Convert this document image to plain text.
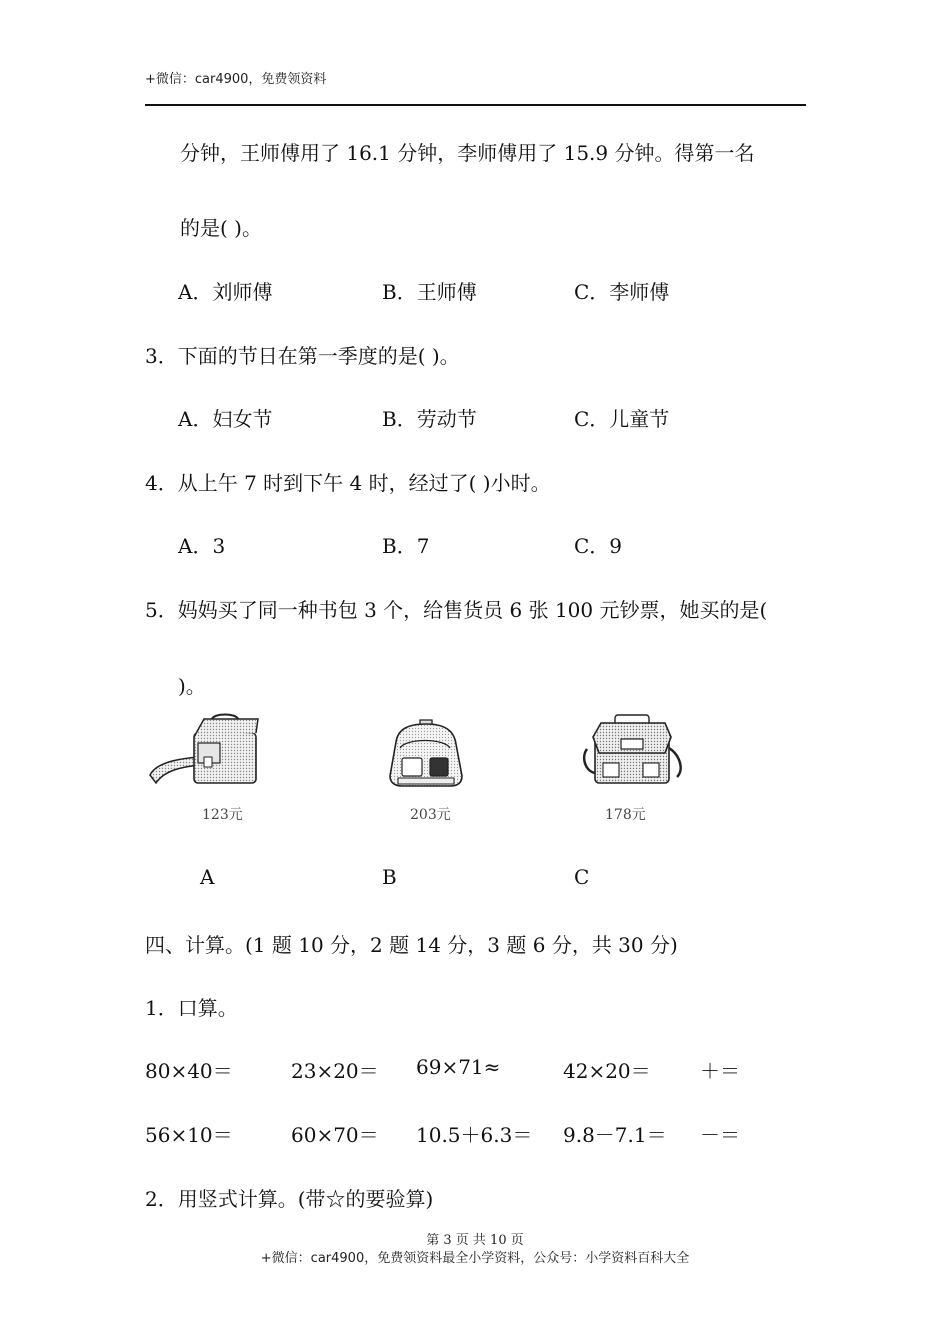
+微信：car4900，免费领资料
分钟，王师傅用了 16.1 分钟，李师傅用了 15.9 分钟。得第一名
的是( )。
A．刘师傅	B．王师傅	C．李师傅
3．下面的节日在第一季度的是( )。
A．妇女节	B．劳动节	C．儿童节
4．从上午 7 时到下午 4 时，经过了( )小时。
A．3	B．7	C．9
5．妈妈买了同一种书包 3 个，给售货员 6 张 100 元钞票，她买的是(
)。
123元	203元	178元
A	B	C
四、计算。(1 题 10 分，2 题 14 分，3 题 6 分，共 30 分)
1．口算。
80×40＝	23×20＝ 69×71≈	42×20＝ ＋＝
56×10＝	60×70＝ 10.5＋6.3＝ 9.8－7.1＝ －＝
2．用竖式计算。(带☆的要验算)
第 3 页 共 10 页
+微信：car4900，免费领资料最全小学资料，公众号：小学资料百科大全
